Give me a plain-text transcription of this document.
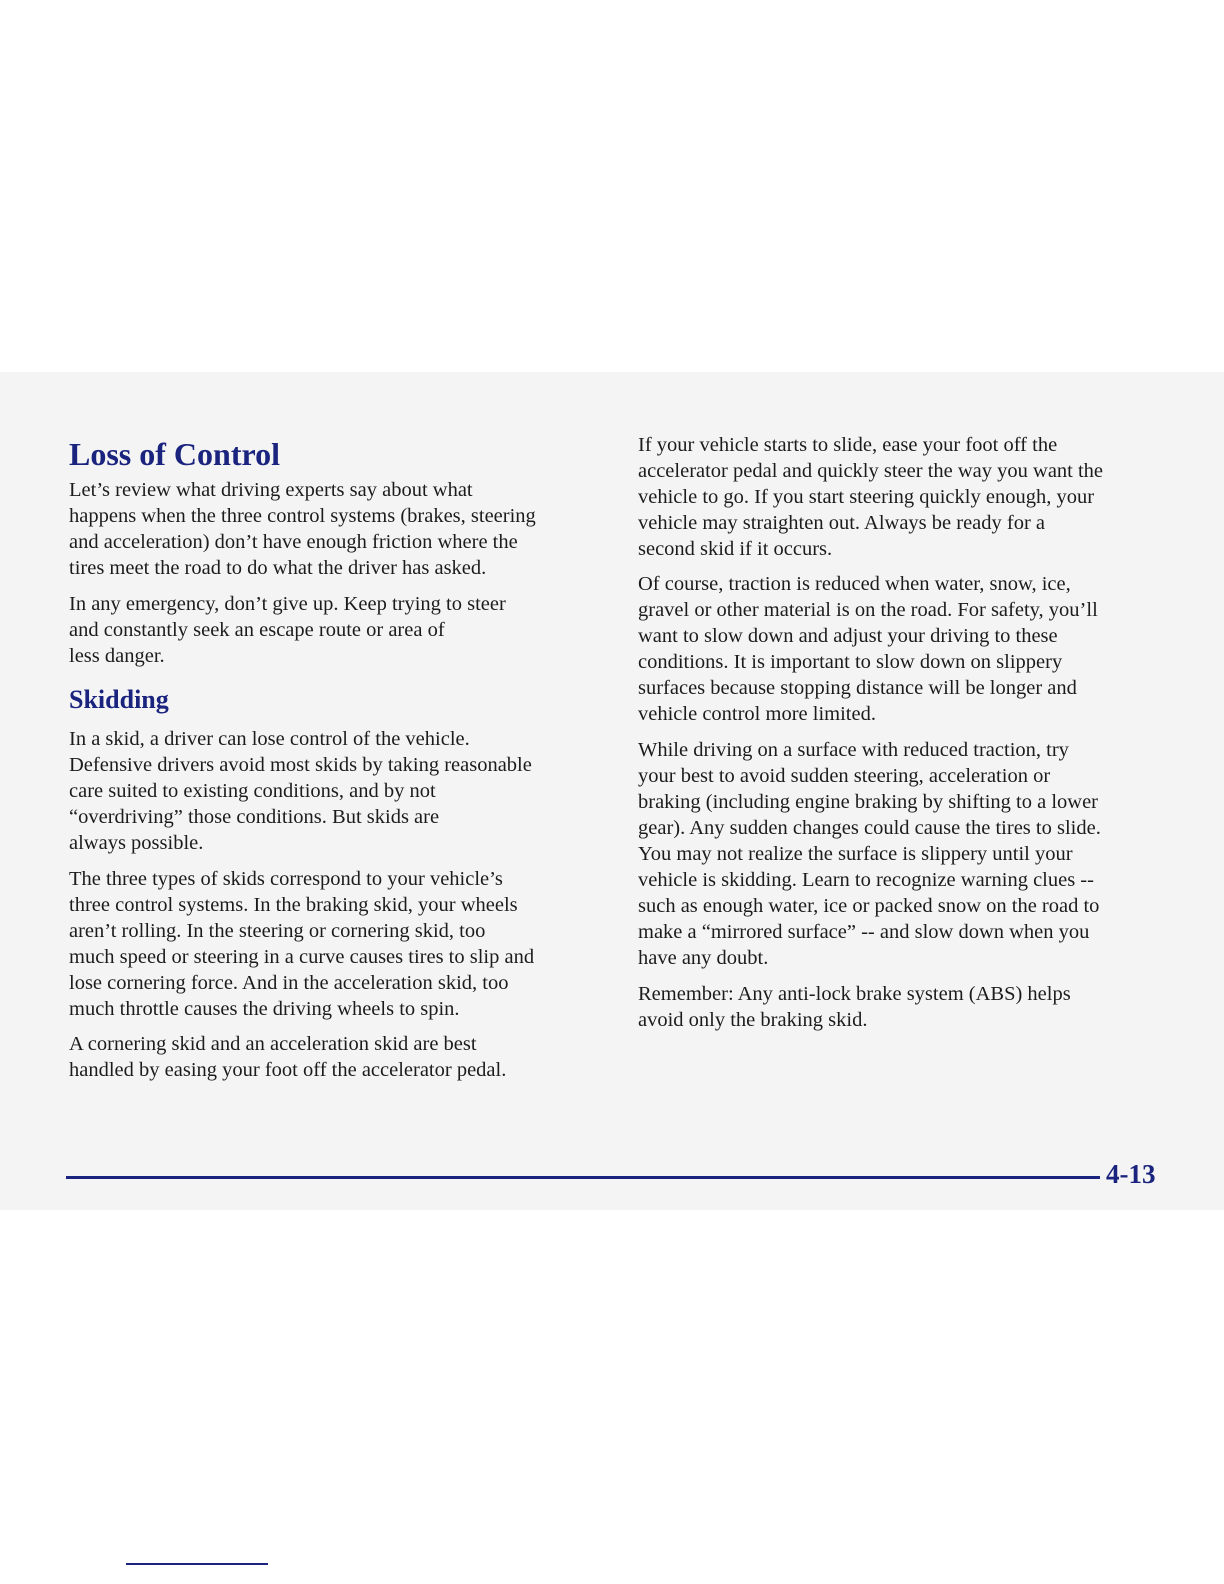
Loss of Control

Let’s review what driving experts say about what
happens when the three control systems (brakes, steering
and acceleration) don’t have enough friction where the
tires meet the road to do what the driver has asked.

In any emergency, don’t give up. Keep trying to steer
and constantly seek an escape route or area of
less danger.

Skidding

In a skid, a driver can lose control of the vehicle.
Defensive drivers avoid most skids by taking reasonable
care suited to existing conditions, and by not
“overdriving” those conditions. But skids are
always possible.

The three types of skids correspond to your vehicle’s
three control systems. In the braking skid, your wheels
aren’t rolling. In the steering or cornering skid, too
much speed or steering in a curve causes tires to slip and
lose cornering force. And in the acceleration skid, too
much throttle causes the driving wheels to spin.

A cornering skid and an acceleration skid are best
handled by easing your foot off the accelerator pedal.

If your vehicle starts to slide, ease your foot off the
accelerator pedal and quickly steer the way you want the
vehicle to go. If you start steering quickly enough, your
vehicle may straighten out. Always be ready for a
second skid if it occurs.

Of course, traction is reduced when water, snow, ice,
gravel or other material is on the road. For safety, you’ll
want to slow down and adjust your driving to these
conditions. It is important to slow down on slippery
surfaces because stopping distance will be longer and
vehicle control more limited.

While driving on a surface with reduced traction, try
your best to avoid sudden steering, acceleration or
braking (including engine braking by shifting to a lower
gear). Any sudden changes could cause the tires to slide.
You may not realize the surface is slippery until your
vehicle is skidding. Learn to recognize warning clues --
such as enough water, ice or packed snow on the road to
make a “mirrored surface” -- and slow down when you
have any doubt.

Remember: Any anti-lock brake system (ABS) helps
avoid only the braking skid.

4-13
